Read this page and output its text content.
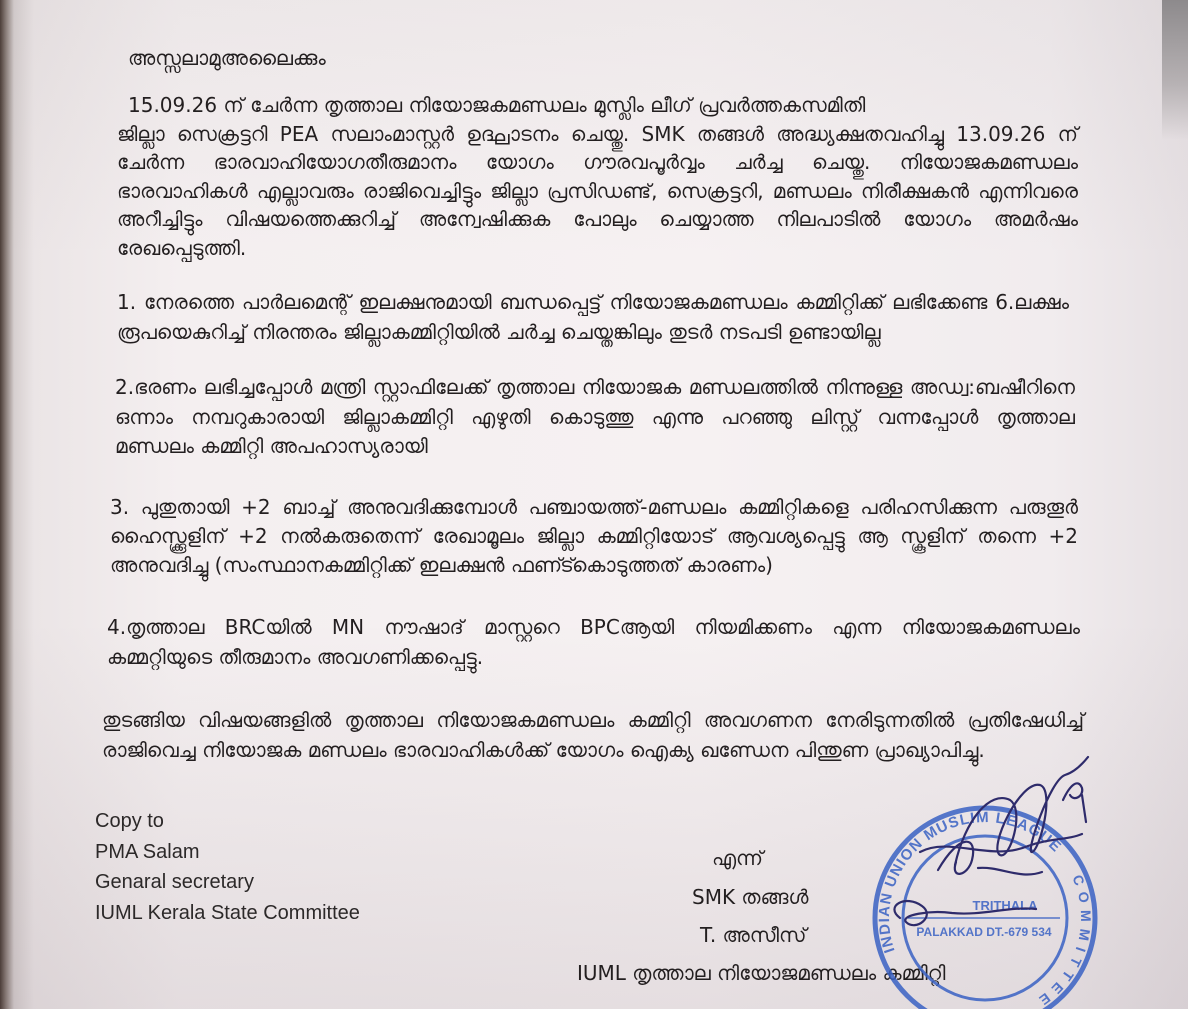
അസ്സലാമുഅലൈക്കും
15.09.26 ന് ചേർന്ന തൃത്താല നിയോജകമണ്ഡലം മുസ്ലിം ലീഗ് പ്രവർത്തകസമിതി
ജില്ലാ സെക്രട്ടറി PEA സലാംമാസ്റ്റർ ഉദ്ഘാടനം ചെയ്തു. SMK തങ്ങൾ അദ്ധ്യക്ഷതവഹിച്ചു 13.09.26 ന്
ചേർന്ന ഭാരവാഹിയോഗതീരുമാനം യോഗം ഗൗരവപൂർവ്വം ചർച്ച ചെയ്തു. നിയോജകമണ്ഡലം
ഭാരവാഹികൾ എല്ലാവരും രാജിവെച്ചിട്ടും ജില്ലാ പ്രസിഡണ്ട്, സെക്രട്ടറി, മണ്ഡലം നിരീക്ഷകൻ എന്നിവരെ
അറീച്ചിട്ടും വിഷയത്തെക്കുറിച്ച് അന്വേഷിക്കുക പോലും ചെയ്യാത്ത നിലപാടിൽ യോഗം അമർഷം
രേഖപ്പെടുത്തി.
1. നേരത്തെ പാർലമെന്റ് ഇലക്ഷനുമായി ബന്ധപ്പെട്ട് നിയോജകമണ്ഡലം കമ്മിറ്റിക്ക് ലഭിക്കേണ്ട 6.ലക്ഷം
രൂപയെകുറിച്ച് നിരന്തരം ജില്ലാകമ്മിറ്റിയിൽ ചർച്ച ചെയ്തങ്കിലും തുടർ നടപടി ഉണ്ടായില്ല
2.ഭരണം ലഭിച്ചപ്പോൾ മന്ത്രി സ്റ്റാഫിലേക്ക് തൃത്താല നിയോജക മണ്ഡലത്തിൽ നിന്നുള്ള അഡ്വ:ബഷീറിനെ
ഒന്നാം നമ്പറുകാരായി ജില്ലാകമ്മിറ്റി എഴുതി കൊടുത്തു എന്നു പറഞ്ഞു ലിസ്റ്റ് വന്നപ്പോൾ തൃത്താല
മണ്ഡലം കമ്മിറ്റി അപഹാസ്യരായി
3. പുതുതായി +2 ബാച്ച് അനുവദിക്കുമ്പോൾ പഞ്ചായത്ത്-മണ്ഡലം കമ്മിറ്റികളെ പരിഹസിക്കുന്ന പരുതൂർ
ഹൈസ്ക്കൂളിന് +2 നൽകരുതെന്ന് രേഖാമൂലം ജില്ലാ കമ്മിറ്റിയോട് ആവശ്യപ്പെട്ടു ആ സ്കൂളിന് തന്നെ +2
അനുവദിച്ചു (സംസ്ഥാനകമ്മിറ്റിക്ക് ഇലക്ഷൻ ഫണ്ട്കൊടുത്തത് കാരണം)
4.തൃത്താല BRCയിൽ MN നൗഷാദ് മാസ്റ്ററെ BPCആയി നിയമിക്കണം എന്ന നിയോജകമണ്ഡലം
കമ്മറ്റിയുടെ തീരുമാനം അവഗണിക്കപ്പെട്ടു.
തുടങ്ങിയ വിഷയങ്ങളിൽ തൃത്താല നിയോജകമണ്ഡലം കമ്മിറ്റി അവഗണന നേരിടുന്നതിൽ പ്രതിഷേധിച്ച്
രാജിവെച്ച നിയോജക മണ്ഡലം ഭാരവാഹികൾക്ക് യോഗം ഐക്യ ഖണ്ഡേന പിന്തുണ പ്രാഖ്യാപിച്ചു.
Copy to
PMA Salam
Genaral secretary
IUML Kerala State Committee
എന്ന്
SMK തങ്ങൾ
T. അസീസ്
IUML തൃത്താല നിയോജമണ്ഡലം കമ്മിറ്റി
INDIAN UNION MUSLIM LEAGUE
COMMITTEE
TRITHALA
PALAKKAD DT.-679 534
